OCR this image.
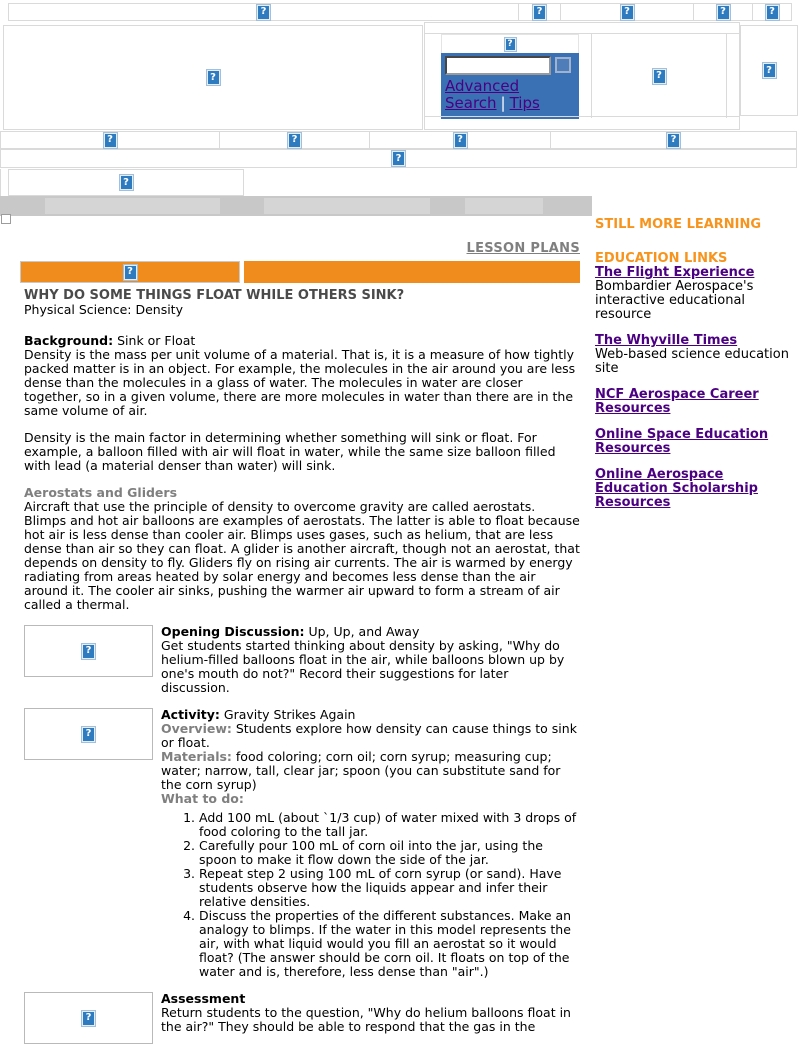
?	?	?	?	?
?
?
Advanced Search | Tips
?	?
?	?	?	?
?
?
LESSON PLANS
?
WHY DO SOME THINGS FLOAT WHILE OTHERS SINK?
Physical Science: Density
Background: Sink or Float
Density is the mass per unit volume of a material. That is, it is a measure of how tightly packed matter is in an object. For example, the molecules in the air around you are less dense than the molecules in a glass of water. The molecules in water are closer together, so in a given volume, there are more molecules in water than there are in the same volume of air.
Density is the main factor in determining whether something will sink or float. For example, a balloon filled with air will float in water, while the same size balloon filled with lead (a material denser than water) will sink.
Aerostats and Gliders
Aircraft that use the principle of density to overcome gravity are called aerostats. Blimps and hot air balloons are examples of aerostats. The latter is able to float because hot air is less dense than cooler air. Blimps uses gases, such as helium, that are less dense than air so they can float. A glider is another aircraft, though not an aerostat, that depends on density to fly. Gliders fly on rising air currents. The air is warmed by energy radiating from areas heated by solar energy and becomes less dense than the air around it. The cooler air sinks, pushing the warmer air upward to form a stream of air called a thermal.
?
Opening Discussion: Up, Up, and Away
Get students started thinking about density by asking, "Why do helium-filled balloons float in the air, while balloons blown up by one's mouth do not?" Record their suggestions for later discussion.
?
Activity: Gravity Strikes Again
Overview: Students explore how density can cause things to sink or float.
Materials: food coloring; corn oil; corn syrup; measuring cup; water; narrow, tall, clear jar; spoon (you can substitute sand for the corn syrup)
What to do:
1. Add 100 mL (about `1/3 cup) of water mixed with 3 drops of food coloring to the tall jar.
2. Carefully pour 100 mL of corn oil into the jar, using the spoon to make it flow down the side of the jar.
3. Repeat step 2 using 100 mL of corn syrup (or sand). Have students observe how the liquids appear and infer their relative densities.
4. Discuss the properties of the different substances. Make an analogy to blimps. If the water in this model represents the air, with what liquid would you fill an aerostat so it would float? (The answer should be corn oil. It floats on top of the water and is, therefore, less dense than "air".)
?
Assessment
Return students to the question, "Why do helium balloons float in the air?" They should be able to respond that the gas in the
STILL MORE LEARNING
EDUCATION LINKS
The Flight Experience
Bombardier Aerospace's interactive educational resource
The Whyville Times
Web-based science education site
NCF Aerospace Career Resources
Online Space Education Resources
Online Aerospace Education Scholarship Resources
